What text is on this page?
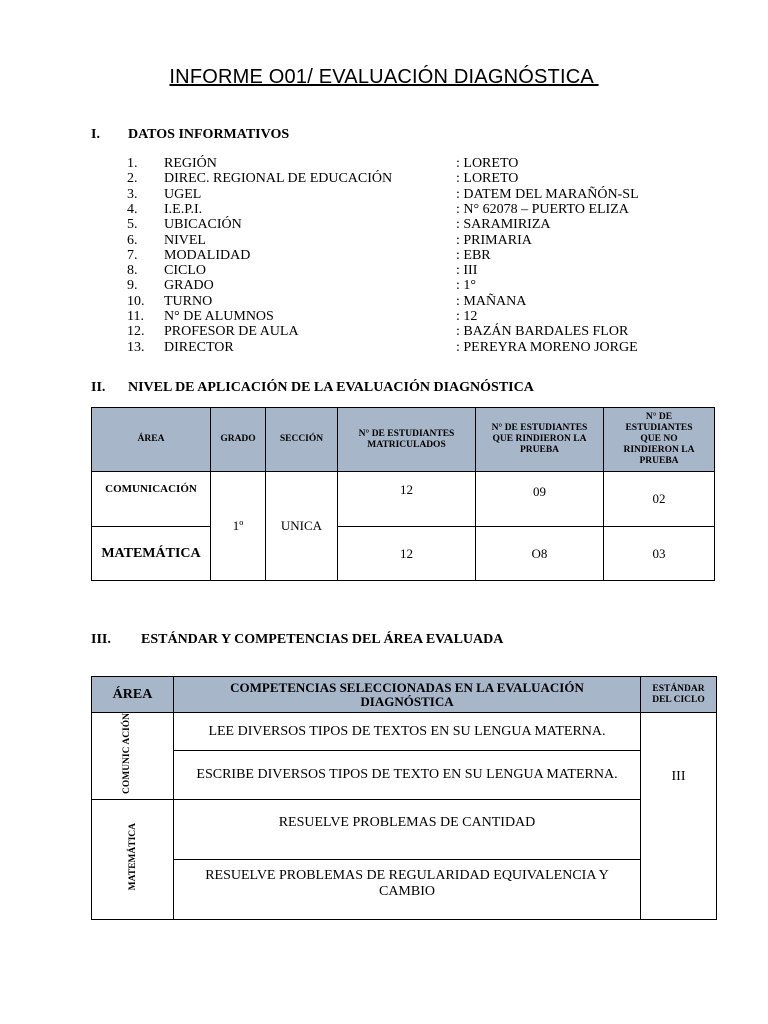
INFORME O01/ EVALUACIÓN DIAGNÓSTICA
I. DATOS INFORMATIVOS
1. REGIÓN	: LORETO
2. DIREC. REGIONAL DE EDUCACIÓN	: LORETO
3. UGEL	: DATEM DEL MARAÑÓN-SL
4. I.E.P.I.	: N° 62078 – PUERTO ELIZA
5. UBICACIÓN	: SARAMIRIZA
6. NIVEL	: PRIMARIA
7. MODALIDAD	: EBR
8. CICLO	: III
9. GRADO	: 1°
10. TURNO	: MAÑANA
11. N° DE ALUMNOS	: 12
12. PROFESOR DE AULA	: BAZÁN BARDALES FLOR
13. DIRECTOR	: PEREYRA MORENO JORGE
II. NIVEL DE APLICACIÓN DE LA EVALUACIÓN DIAGNÓSTICA
ÁREA	GRADO	SECCIÓN	N° DE ESTUDIANTES MATRICULADOS	N° DE ESTUDIANTES QUE RINDIERON LA PRUEBA	N° DE ESTUDIANTES QUE NO RINDIERON LA PRUEBA
COMUNICACIÓN	1º	UNICA	12	09	02
MATEMÁTICA			12	O8	03
III. ESTÁNDAR Y COMPETENCIAS DEL ÁREA EVALUADA
ÁREA	COMPETENCIAS SELECCIONADAS EN LA EVALUACIÓN DIAGNÓSTICA	ESTÁNDAR DEL CICLO
COMUNIC ACIÓN	LEE DIVERSOS TIPOS DE TEXTOS EN SU LENGUA MATERNA.	III
	ESCRIBE DIVERSOS TIPOS DE TEXTO EN SU LENGUA MATERNA.	
MATEMÁTICA	RESUELVE PROBLEMAS DE CANTIDAD	
	RESUELVE PROBLEMAS DE REGULARIDAD EQUIVALENCIA Y CAMBIO	
